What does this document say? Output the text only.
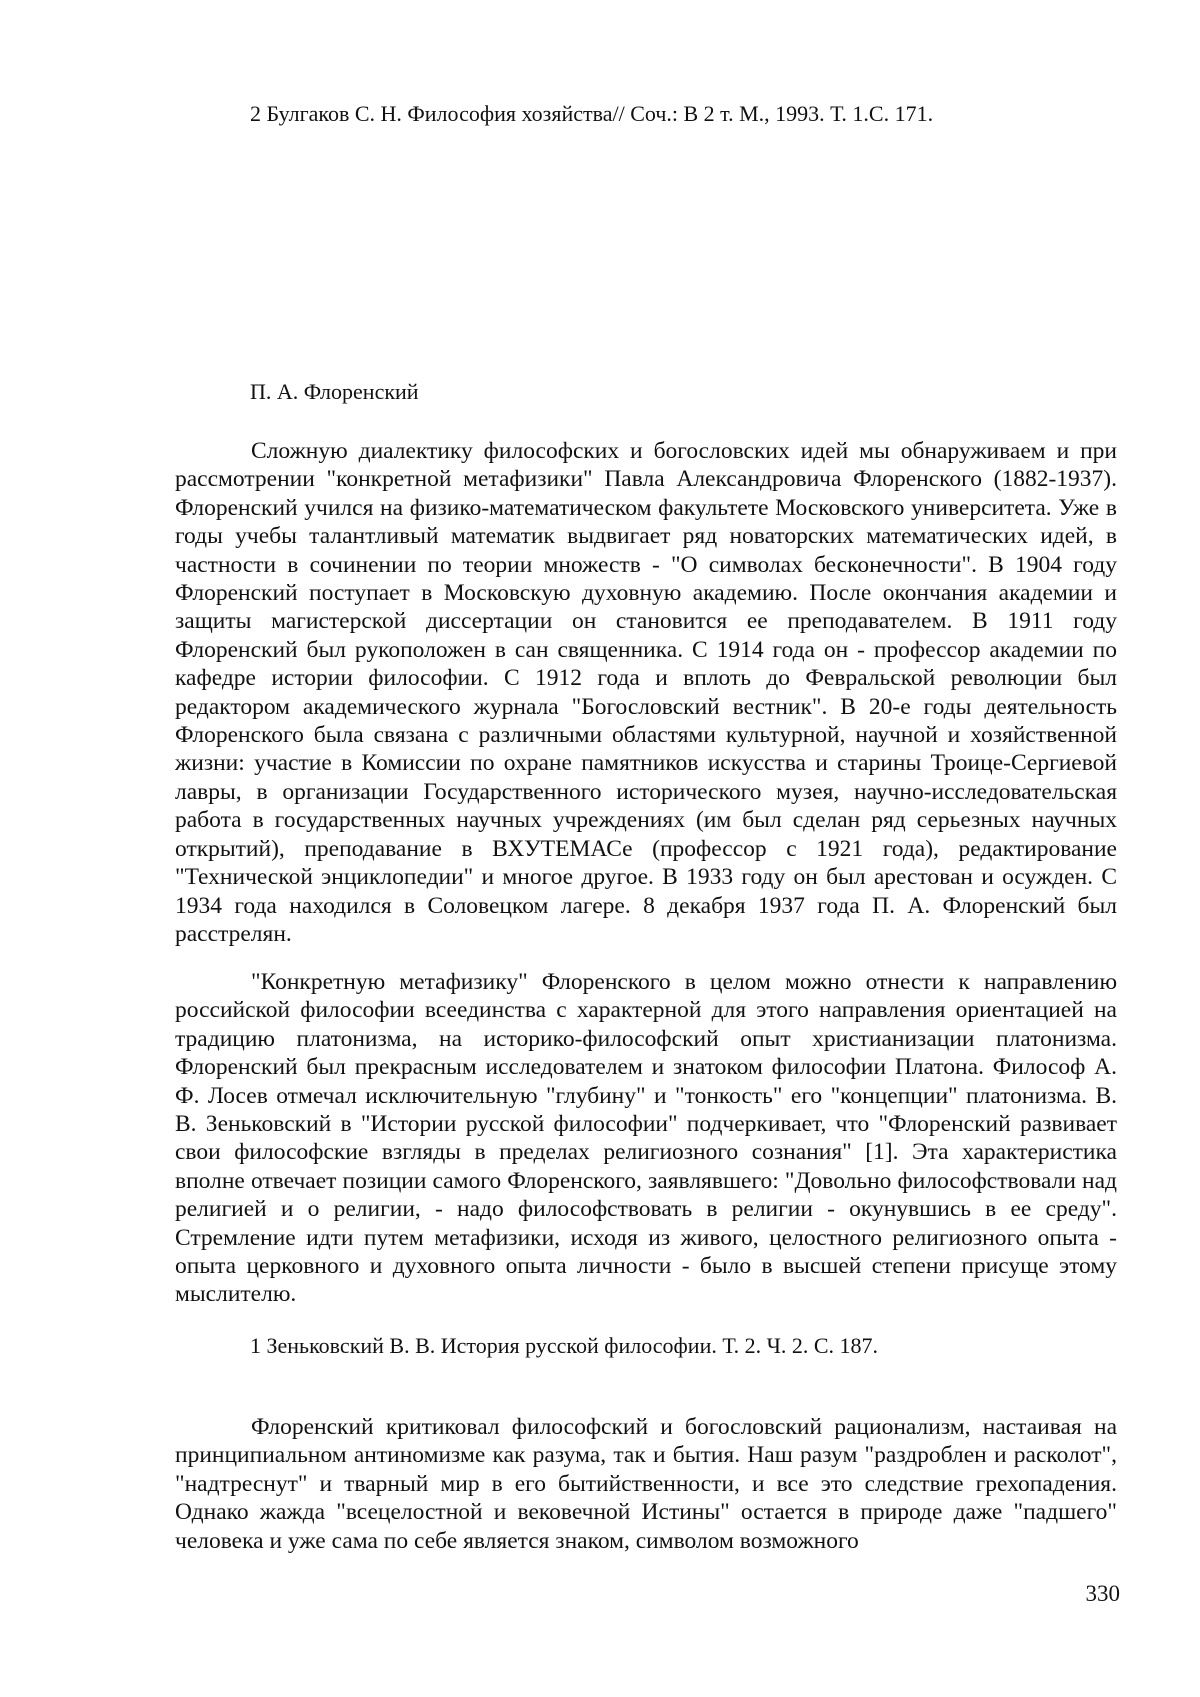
2 Булгаков С. Н. Философия хозяйства// Соч.: В 2 т. М., 1993. Т. 1.С. 171.

П. А. Флоренский

Сложную диалектику философских и богословских идей мы обнаруживаем и при рассмотрении "конкретной метафизики" Павла Александровича Флоренского (1882-1937). Флоренский учился на физико-математическом факультете Московского университета. Уже в годы учебы талантливый математик выдвигает ряд новаторских математических идей, в частности в сочинении по теории множеств - "О символах бесконечности". В 1904 году Флоренский поступает в Московскую духовную академию. После окончания академии и защиты магистерской диссертации он становится ее преподавателем. В 1911 году Флоренский был рукоположен в сан священника. С 1914 года он - профессор академии по кафедре истории философии. С 1912 года и вплоть до Февральской революции был редактором академического журнала "Богословский вестник". В 20-е годы деятельность Флоренского была связана с различными областями культурной, научной и хозяйственной жизни: участие в Комиссии по охране памятников искусства и старины Троице-Сергиевой лавры, в организации Государственного исторического музея, научно-исследовательская работа в государственных научных учреждениях (им был сделан ряд серьезных научных открытий), преподавание в ВХУТЕМАСе (профессор с 1921 года), редактирование "Технической энциклопедии" и многое другое. В 1933 году он был арестован и осужден. С 1934 года находился в Соловецком лагере. 8 декабря 1937 года П. А. Флоренский был расстрелян.

"Конкретную метафизику" Флоренского в целом можно отнести к направлению российской философии всеединства с характерной для этого направления ориентацией на традицию платонизма, на историко-философский опыт христианизации платонизма. Флоренский был прекрасным исследователем и знатоком философии Платона. Философ А. Ф. Лосев отмечал исключительную "глубину" и "тонкость" его "концепции" платонизма. В. В. Зеньковский в "Истории русской философии" подчеркивает, что "Флоренский развивает свои философские взгляды в пределах религиозного сознания" [1]. Эта характеристика вполне отвечает позиции самого Флоренского, заявлявшего: "Довольно философствовали над религией и о религии, - надо философствовать в религии - окунувшись в ее среду". Стремление идти путем метафизики, исходя из живого, целостного религиозного опыта - опыта церковного и духовного опыта личности - было в высшей степени присуще этому мыслителю.

1 Зеньковский В. В. История русской философии. Т. 2. Ч. 2. С. 187.

Флоренский критиковал философский и богословский рационализм, настаивая на принципиальном антиномизме как разума, так и бытия. Наш разум "раздроблен и расколот", "надтреснут" и тварный мир в его бытийственности, и все это следствие грехопадения. Однако жажда "всецелостной и вековечной Истины" остается в природе даже "падшего" человека и уже сама по себе является знаком, символом возможного

330
